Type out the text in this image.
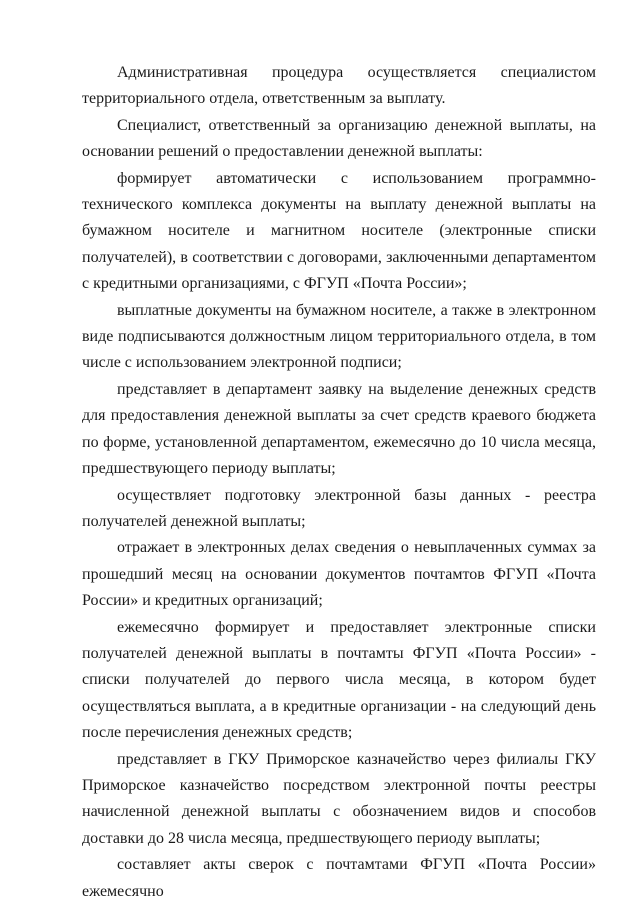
Административная процедура осуществляется специалистом территориального отдела, ответственным за выплату.

Специалист, ответственный за организацию денежной выплаты, на основании решений о предоставлении денежной выплаты:

формирует автоматически с использованием программно-технического комплекса документы на выплату денежной выплаты на бумажном носителе и магнитном носителе (электронные списки получателей), в соответствии с договорами, заключенными департаментом с кредитными организациями, с ФГУП «Почта России»;

выплатные документы на бумажном носителе, а также в электронном виде подписываются должностным лицом территориального отдела, в том числе с использованием электронной подписи;

представляет в департамент заявку на выделение денежных средств для предоставления денежной выплаты за счет средств краевого бюджета по форме, установленной департаментом, ежемесячно до 10 числа месяца, предшествующего периоду выплаты;

осуществляет подготовку электронной базы данных - реестра получателей денежной выплаты;

отражает в электронных делах сведения о невыплаченных суммах за прошедший месяц на основании документов почтамтов ФГУП «Почта России» и кредитных организаций;

ежемесячно формирует и предоставляет электронные списки получателей денежной выплаты в почтамты ФГУП «Почта России» - списки получателей до первого числа месяца, в котором будет осуществляться выплата, а в кредитные организации - на следующий день после перечисления денежных средств;

представляет в ГКУ Приморское казначейство через филиалы ГКУ Приморское казначейство посредством электронной почты реестры начисленной денежной выплаты с обозначением видов и способов доставки до 28 числа месяца, предшествующего периоду выплаты;

составляет акты сверок с почтамтами ФГУП «Почта России» ежемесячно
